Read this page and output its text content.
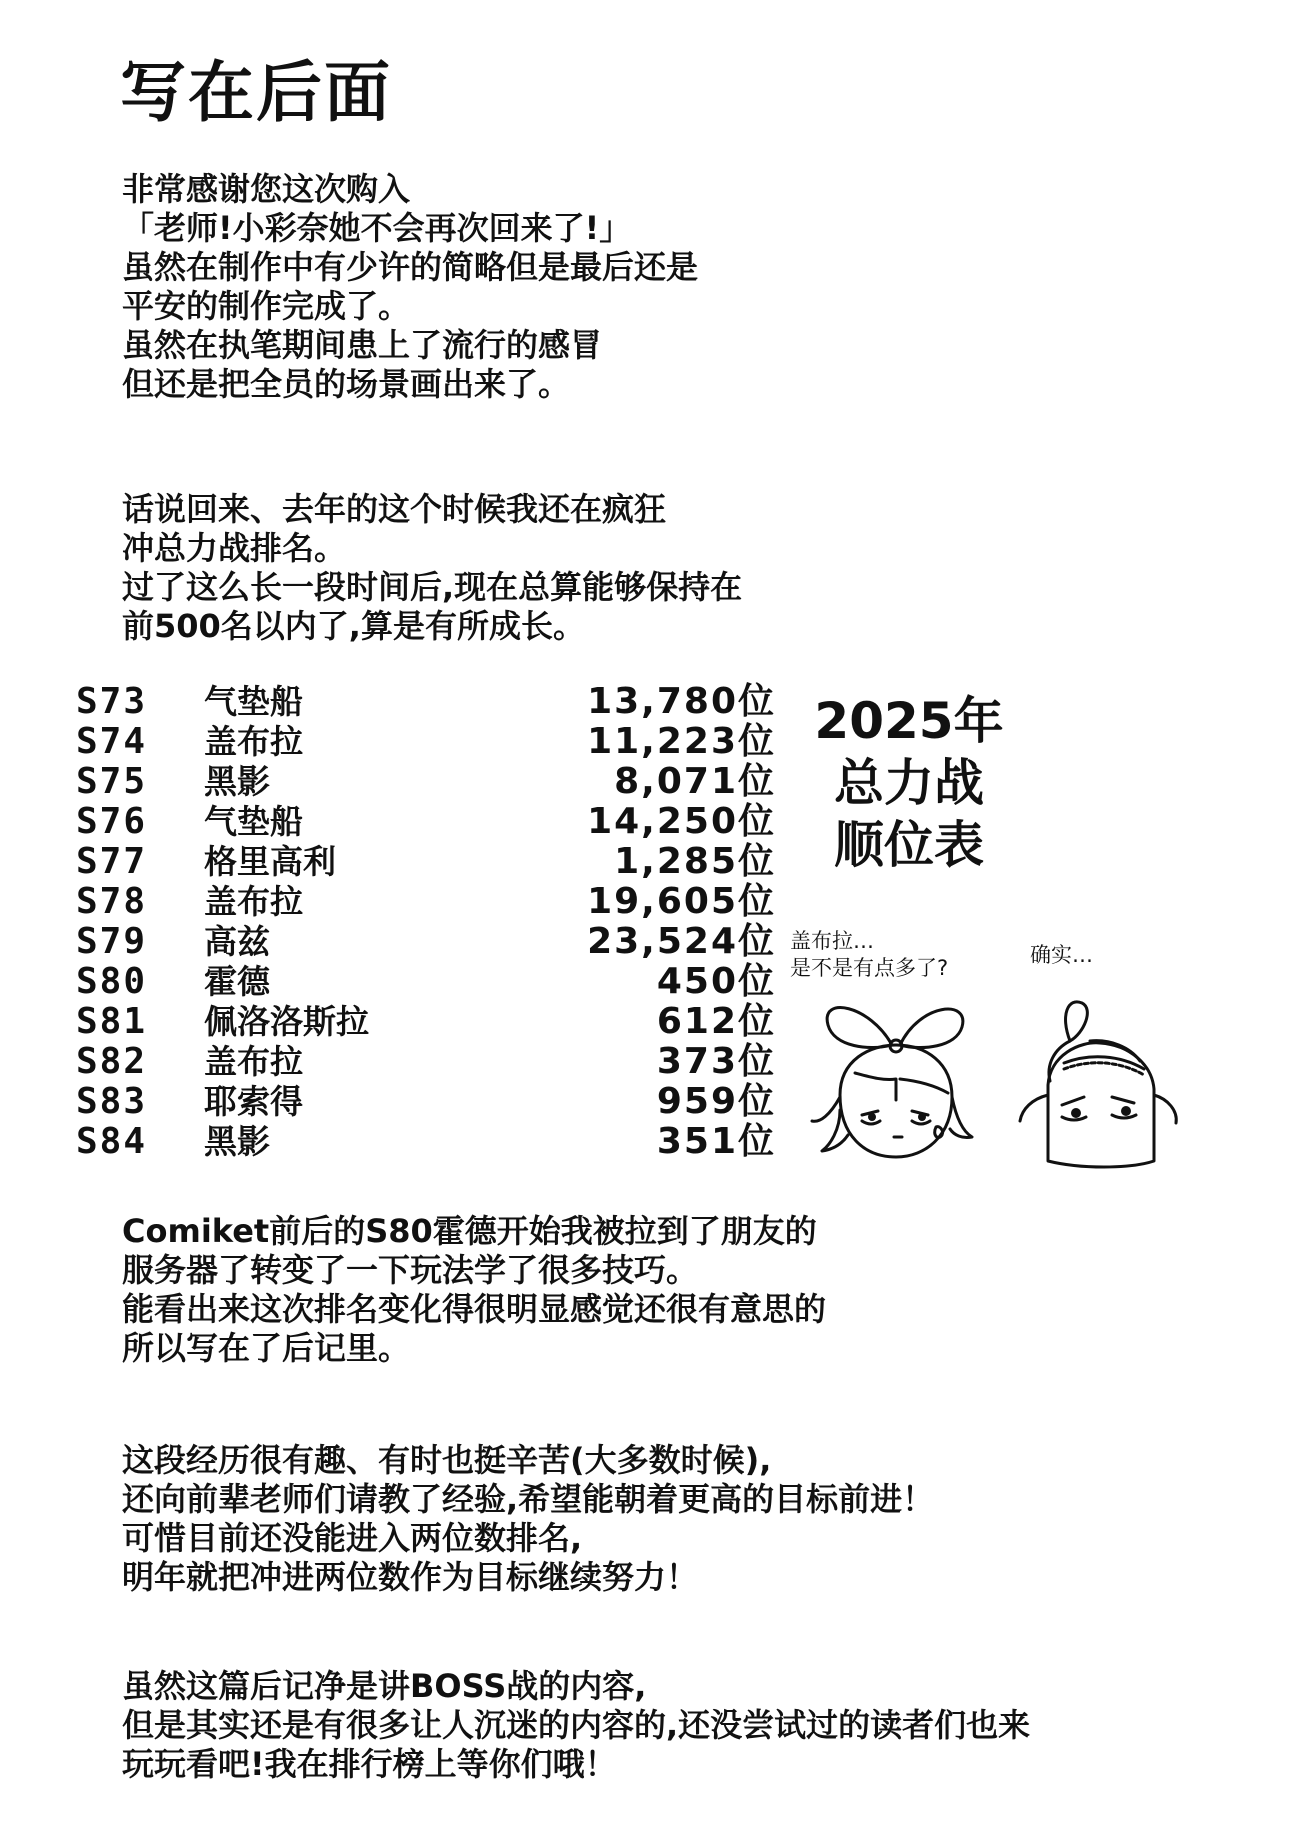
写在后面
非常感谢您这次购入
「老师!小彩奈她不会再次回来了!」
虽然在制作中有少许的简略但是最后还是
平安的制作完成了。
虽然在执笔期间患上了流行的感冒
但还是把全员的场景画出来了。
话说回来、去年的这个时候我还在疯狂
冲总力战排名。
过了这么长一段时间后,现在总算能够保持在
前500名以内了,算是有所成长。
S73	气垫船	13,780位
S74	盖布拉	11,223位
S75	黑影	8,071位
S76	气垫船	14,250位
S77	格里高利	1,285位
S78	盖布拉	19,605位
S79	高兹	23,524位
S80	霍德	450位
S81	佩洛洛斯拉	612位
S82	盖布拉	373位
S83	耶索得	959位
S84	黑影	351位
2025年
总力战
顺位表
盖布拉…
是不是有点多了?
确实…
Comiket前后的S80霍德开始我被拉到了朋友的
服务器了转变了一下玩法学了很多技巧。
能看出来这次排名变化得很明显感觉还很有意思的
所以写在了后记里。
这段经历很有趣、有时也挺辛苦(大多数时候),
还向前辈老师们请教了经验,希望能朝着更高的目标前进！
可惜目前还没能进入两位数排名,
明年就把冲进两位数作为目标继续努力！
虽然这篇后记净是讲BOSS战的内容,
但是其实还是有很多让人沉迷的内容的,还没尝试过的读者们也来
玩玩看吧!我在排行榜上等你们哦！
